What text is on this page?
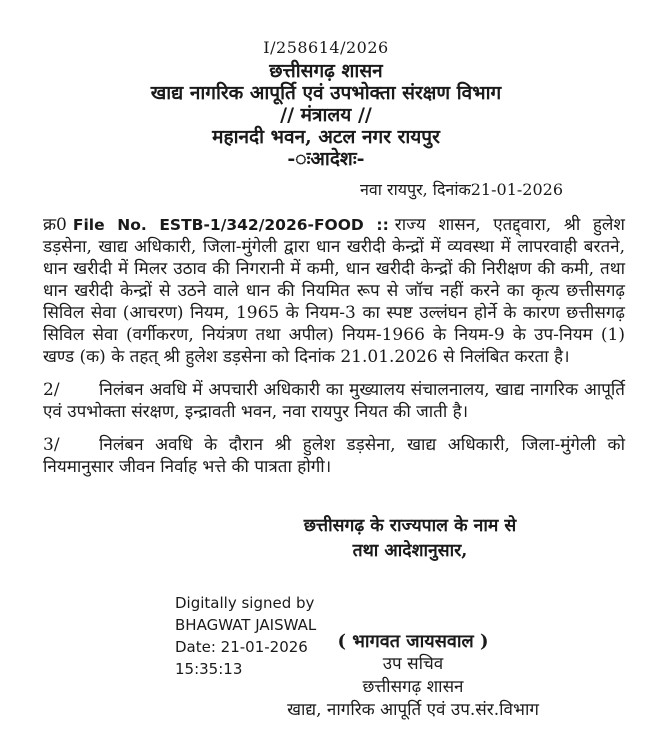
I/258614/2026
छत्तीसगढ़ शासन
खाद्य नागरिक आपूर्ति एवं उपभोक्ता संरक्षण विभाग
// मंत्रालय //
महानदी भवन, अटल नगर रायपुर
-◌ःआदेशः-
नवा रायपुर, दिनांक21-01-2026

क्र0 File No. ESTB-1/342/2026-FOOD :: राज्य शासन, एतद्द्वारा, श्री हुलेश डड़सेना, खाद्य अधिकारी, जिला-मुंगेली द्वारा धान खरीदी केन्द्रों में व्यवस्था में लापरवाही बरतने, धान खरीदी में मिलर उठाव की निगरानी में कमी, धान खरीदी केन्द्रों की निरीक्षण की कमी, तथा धान खरीदी केन्द्रों से उठने वाले धान की नियमित रूप से जॉच नहीं करने का कृत्य छत्तीसगढ़ सिविल सेवा (आचरण) नियम, 1965 के नियम-3 का स्पष्ट उल्लंघन होर्ने के कारण छत्तीसगढ़ सिविल सेवा (वर्गीकरण, नियंत्रण तथा अपील) नियम-1966 के नियम-9 के उप-नियम (1) खण्ड (क) के तहत् श्री हुलेश डड़सेना को दिनांक 21.01.2026 से निलंबित करता है।

2/ निलंबन अवधि में अपचारी अधिकारी का मुख्यालय संचालनालय, खाद्य नागरिक आपूर्ति एवं उपभोक्ता संरक्षण, इन्द्रावती भवन, नवा रायपुर नियत की जाती है।

3/ निलंबन अवधि के दौरान श्री हुलेश डड़सेना, खाद्य अधिकारी, जिला-मुंगेली को नियमानुसार जीवन निर्वाह भत्ते की पात्रता होगी।

छत्तीसगढ़ के राज्यपाल के नाम से
तथा आदेशानुसार,
Digitally signed by
BHAGWAT JAISWAL
Date: 21-01-2026
15:35:13
( भागवत जायसवाल )
उप सचिव
छत्तीसगढ़ शासन
खाद्य, नागरिक आपूर्ति एवं उप.संर.विभाग
